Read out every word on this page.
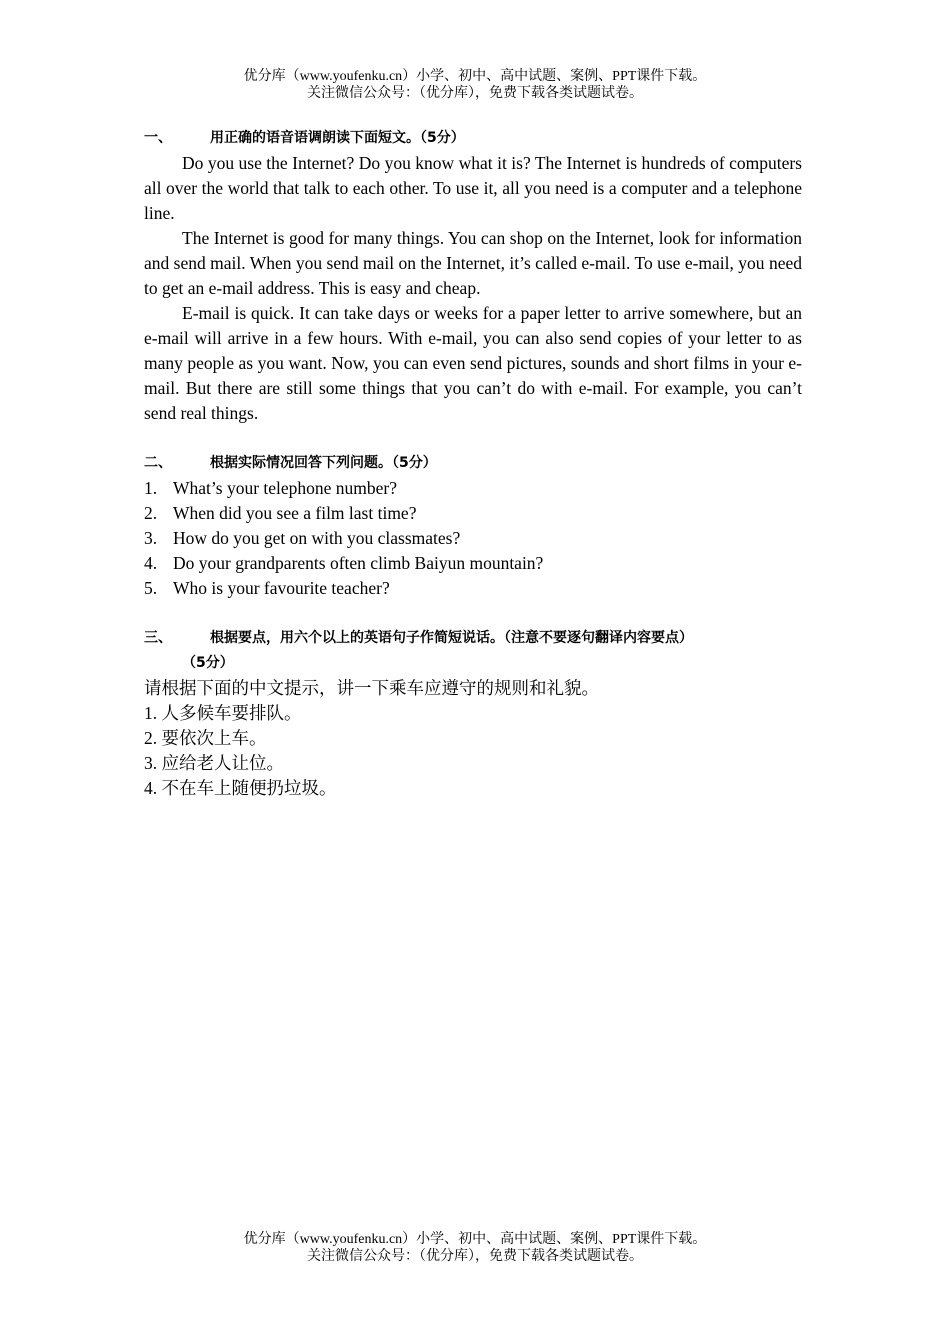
优分库（www.youfenku.cn）小学、初中、高中试题、案例、PPT课件下载。
关注微信公众号：（优分库），免费下载各类试题试卷。
一、	用正确的语音语调朗读下面短文。（5分）

Do you use the Internet? Do you know what it is? The Internet is hundreds of computers all over the world that talk to each other. To use it, all you need is a computer and a telephone line.

The Internet is good for many things. You can shop on the Internet, look for information and send mail. When you send mail on the Internet, it’s called e-mail. To use e-mail, you need to get an e-mail address. This is easy and cheap.

E-mail is quick. It can take days or weeks for a paper letter to arrive somewhere, but an e-mail will arrive in a few hours. With e-mail, you can also send copies of your letter to as many people as you want. Now, you can even send pictures, sounds and short films in your e-mail. But there are still some things that you can’t do with e-mail. For example, you can’t send real things.

二、	根据实际情况回答下列问题。（5分）
1. What’s your telephone number?
2. When did you see a film last time?
3. How do you get on with you classmates?
4. Do your grandparents often climb Baiyun mountain?
5. Who is your favourite teacher?
三、	根据要点，用六个以上的英语句子作简短说话。（注意不要逐句翻译内容要点）
（5分）
请根据下面的中文提示，讲一下乘车应遵守的规则和礼貌。
1. 人多候车要排队。
2. 要依次上车。
3. 应给老人让位。
4. 不在车上随便扔垃圾。
优分库（www.youfenku.cn）小学、初中、高中试题、案例、PPT课件下载。
关注微信公众号：（优分库），免费下载各类试题试卷。
